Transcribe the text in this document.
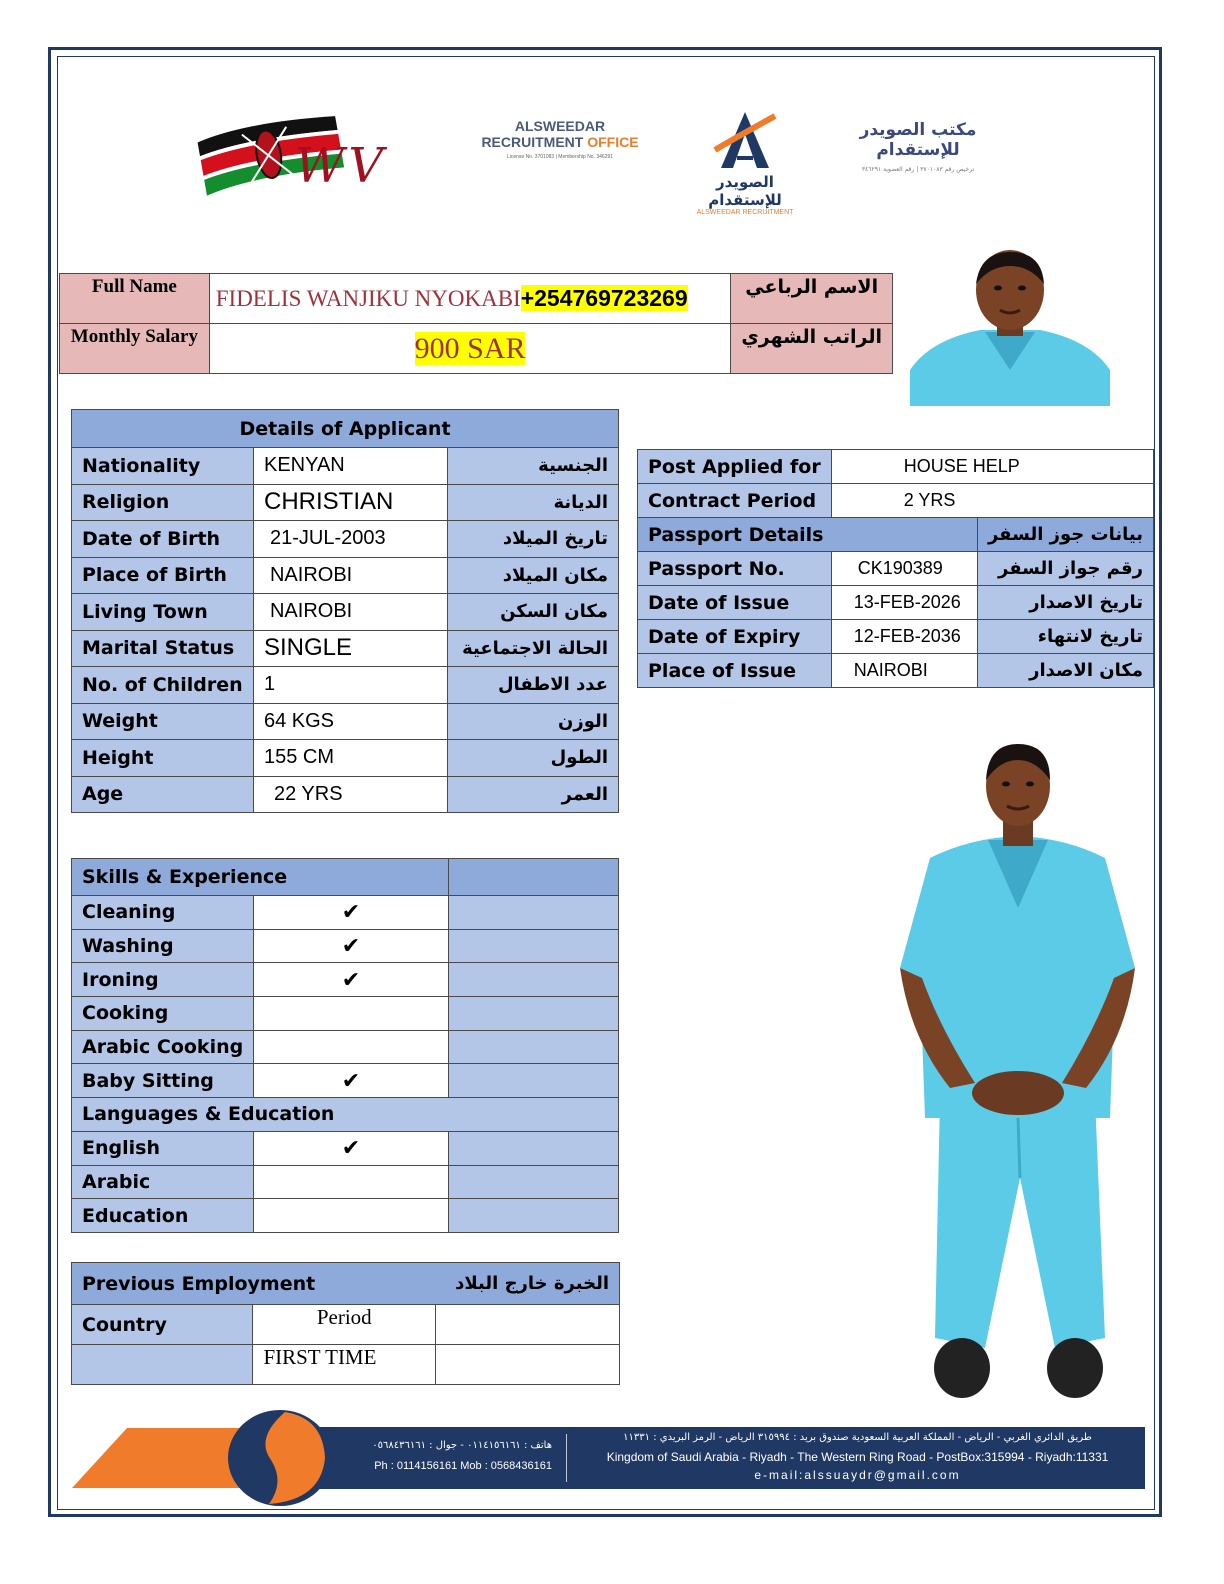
WV
ALSWEEDAR
RECRUITMENT OFFICE
License No. 3701083 | Membership No. 346291
الصويدر للإستقدام
ALSWEEDAR RECRUITMENT
مكتب الصويدر للإستقدام
ترخيص رقم ٣٧٠١٠٨٣ | رقم العضوية ٣٤٦٢٩١
Full Name	FIDELIS WANJIKU NYOKABI+254769723269	الاسم الرباعي
Monthly Salary	900 SAR	الراتب الشهري
Details of Applicant		
Nationality	KENYAN	الجنسية
Religion	CHRISTIAN	الديانة
Date of Birth	21-JUL-2003	تاريخ الميلاد
Place of Birth	NAIROBI	مكان الميلاد
Living Town	NAIROBI	مكان السكن
Marital Status	SINGLE	الحالة الاجتماعية
No. of Children	1	عدد الاطفال
Weight	64 KGS	الوزن
Height	155 CM	الطول
Age	22 YRS	العمر
Post Applied for	HOUSE HELP	
Contract Period	2 YRS	
Passport Details		بيانات جوز السفر
Passport No.	CK190389	رقم جواز السفر
Date of Issue	13-FEB-2026	تاريخ الاصدار
Date of Expiry	12-FEB-2036	تاريخ لانتهاء
Place of Issue	NAIROBI	مكان الاصدار
Skills & Experience		
Cleaning	✔	
Washing	✔	
Ironing	✔	
Cooking		
Arabic Cooking		
Baby Sitting	✔	
Languages & Education		
English	✔	
Arabic		
Education		
Previous Employment		الخبرة خارج البلاد
Country	Period	
	FIRST TIME	
هاتف : ٠١١٤١٥٦١٦١ - جوال : ٠٥٦٨٤٣٦١٦١
Ph : 0114156161 Mob : 0568436161
طريق الدائري الغربي - الرياض - المملكة العربية السعودية صندوق بريد : ٣١٥٩٩٤ الرياض - الرمز البريدي : ١١٣٣١
Kingdom of Saudi Arabia - Riyadh - The Western Ring Road - PostBox:315994 - Riyadh:11331
e-mail:alssuaydr@gmail.com
